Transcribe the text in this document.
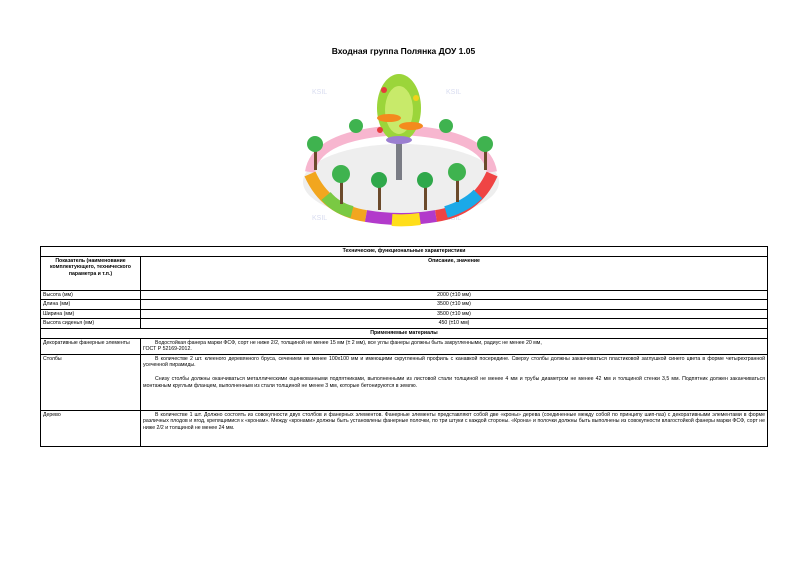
Входная группа Полянка ДОУ 1.05
KSIL	KSIL
KSIL	KSIL
Технические, функциональные характеристики	
Показатель (наименование комплектующего, технического параметра и т.п.)	Описание, значение
Высота (мм)	2000 (±10 мм)
Длина (мм)	3500 (±10 мм)
Ширина (мм)	3500 (±10 мм)
Высота сиденья (мм)	450 (±10 мм)
Применяемые материалы	
Декоративные фанерные элементы	Водостойкая фанера марки ФСФ, сорт не ниже 2/2, толщиной не менее 15 мм (± 2 мм), все углы фанеры должны быть закругленными, радиус не менее 20 мм,
ГОСТ Р 52169-2012.

Столбы	В количестве 2 шт. клееного деревянного бруса, сечением не менее 100х100 мм и имеющими скругленный профиль с канавкой посередине. Сверху столбы должны заканчиваться пластиковой заглушкой синего цвета в форме четырехгранной усеченной пирамиды.
Снизу столбы должны оканчиваться металлическими оцинкованными подпятниками, выполненными из листовой стали толщиной не менее 4 мм и трубы диаметром не менее 42 мм и толщиной стенки 3,5 мм. Подпятник должен заканчиваться монтажным круглым фланцем, выполненным из стали толщиной не менее 3 мм, которые бетонируются в землю.

Дерево	В количестве 1 шт. Должно состоять из совокупности двух столбов и фанерных элементов. Фанерные элементы представляют собой две «кроны» дерева (соединенные между собой по принципу шип-паз) с декоративными элементами в форме различных плодов и ягод, крепящимися к «кронам». Между «кронами» должны быть установлены фанерные полочки, по три штуки с каждой стороны. «Крона» и полочки должны быть выполнены из совокупности влагостойкой фанеры марки ФСФ, сорт не ниже 2/2 и толщиной не менее 24 мм.
